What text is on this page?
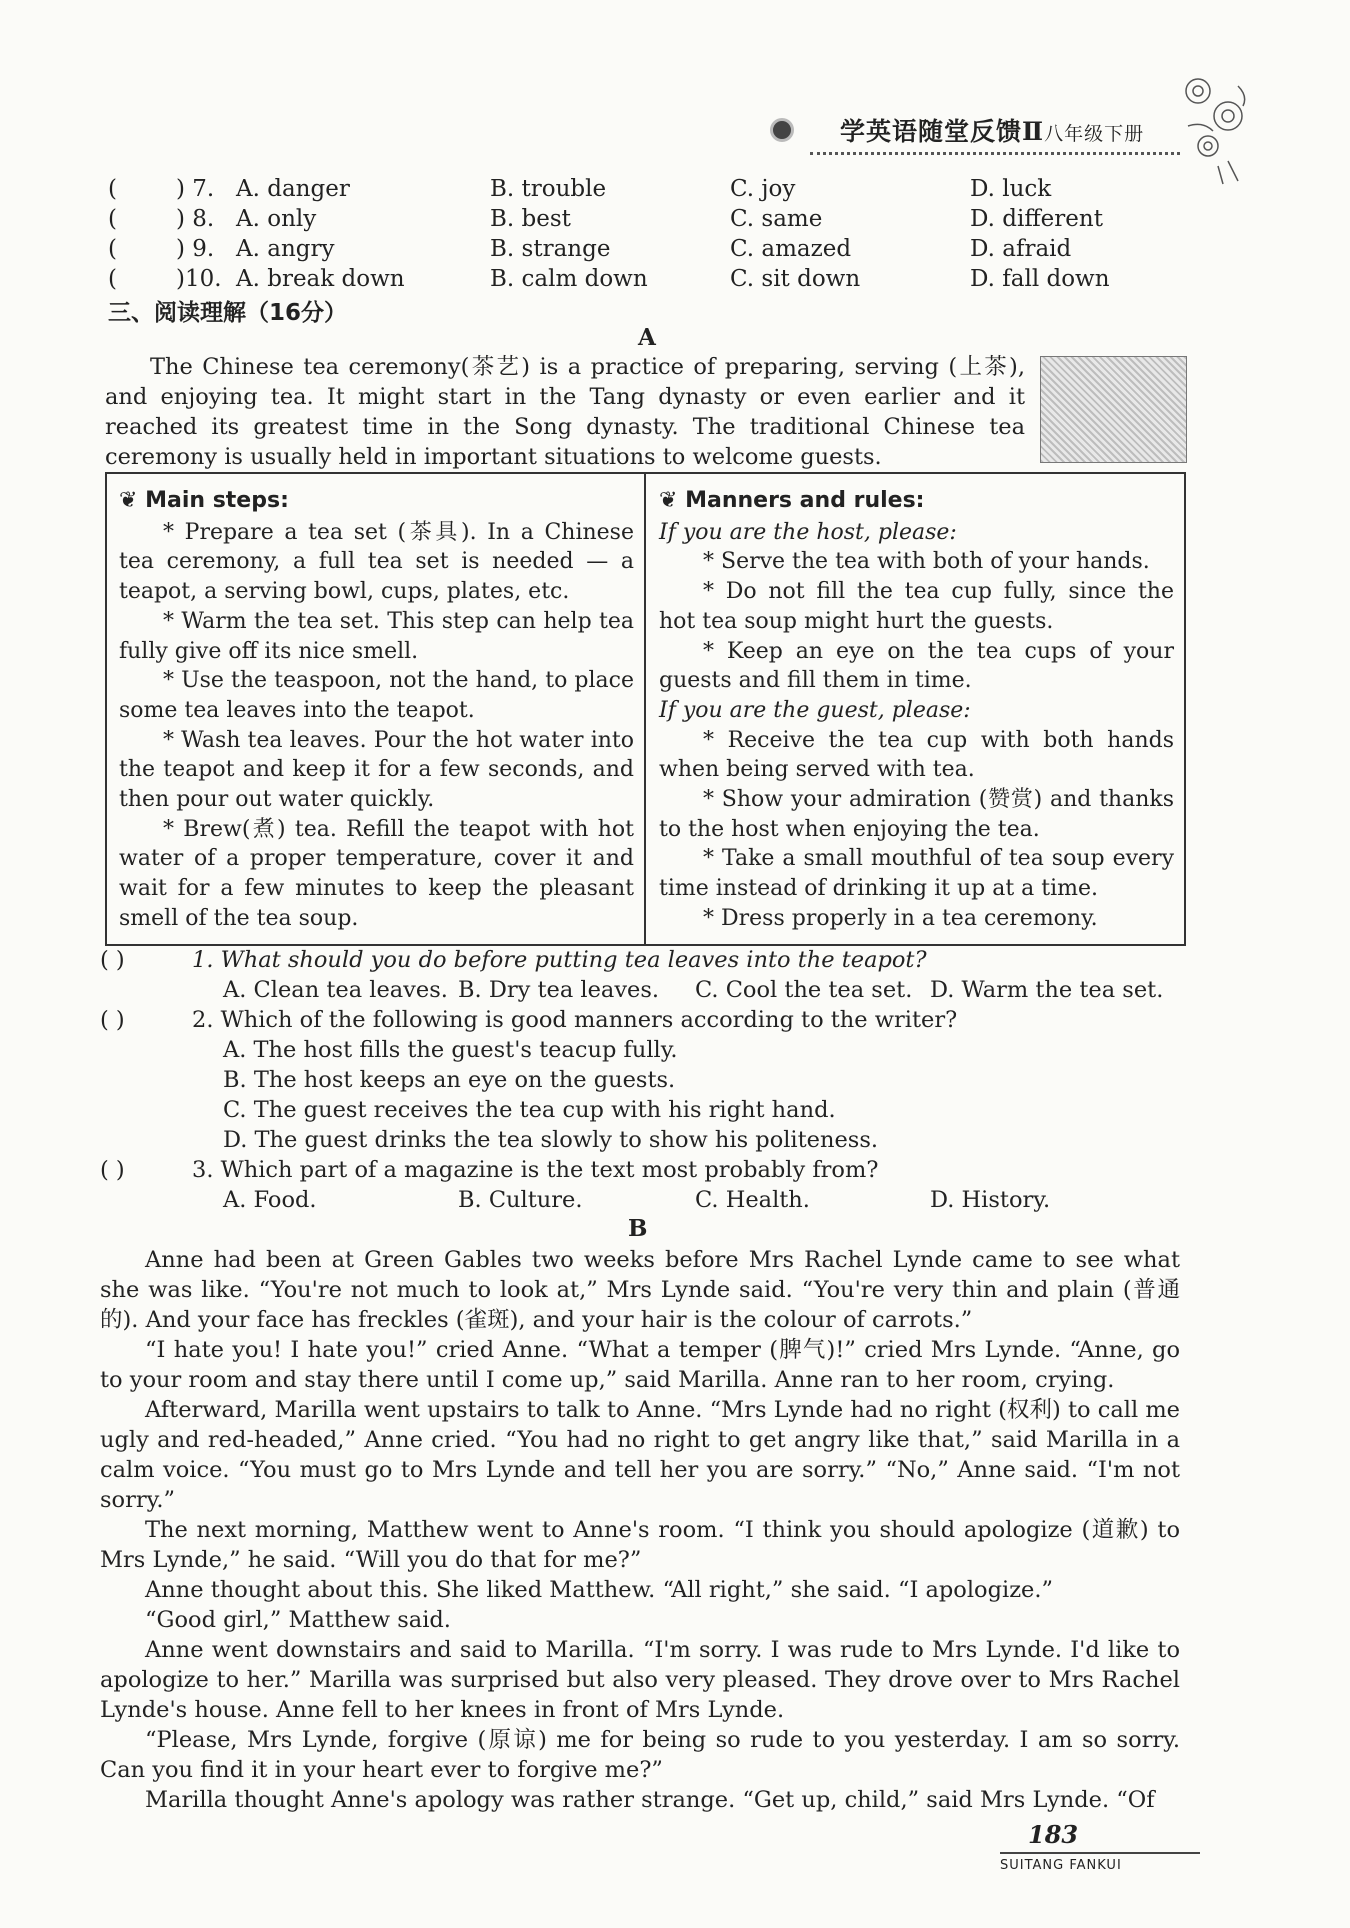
学英语随堂反馈Ⅱ八年级下册
(	) 7. A. danger	B. trouble	C. joy	D. luck
(	) 8. A. only	B. best	C. same	D. different
(	) 9. A. angry	B. strange	C. amazed	D. afraid
(	)10. A. break down	B. calm down	C. sit down	D. fall down
三、阅读理解（16分）
A

The Chinese tea ceremony(茶艺) is a practice of preparing, serving (上茶), and enjoying tea. It might start in the Tang dynasty or even earlier and it reached its greatest time in the Song dynasty. The traditional Chinese tea ceremony is usually held in important situations to welcome guests.

❦ Main steps:

* Prepare a tea set (茶具). In a Chinese tea ceremony, a full tea set is needed — a teapot, a serving bowl, cups, plates, etc.

* Warm the tea set. This step can help tea fully give off its nice smell.

* Use the teaspoon, not the hand, to place some tea leaves into the teapot.

* Wash tea leaves. Pour the hot water into the teapot and keep it for a few seconds, and then pour out water quickly.

* Brew(煮) tea. Refill the teapot with hot water of a proper temperature, cover it and wait for a few minutes to keep the pleasant smell of the tea soup.

❦ Manners and rules:

If you are the host, please:

* Serve the tea with both of your hands.

* Do not fill the tea cup fully, since the hot tea soup might hurt the guests.

* Keep an eye on the tea cups of your guests and fill them in time.

If you are the guest, please:

* Receive the tea cup with both hands when being served with tea.

* Show your admiration (赞赏) and thanks to the host when enjoying the tea.

* Take a small mouthful of tea soup every time instead of drinking it up at a time.

* Dress properly in a tea ceremony.

( )	1. What should you do before putting tea leaves into the teapot?
A. Clean tea leaves. B. Dry tea leaves. C. Cool the tea set. D. Warm the tea set.
( )	2. Which of the following is good manners according to the writer?
A. The host fills the guest's teacup fully.
B. The host keeps an eye on the guests.
C. The guest receives the tea cup with his right hand.
D. The guest drinks the tea slowly to show his politeness.
( )	3. Which part of a magazine is the text most probably from?
A. Food.	B. Culture.	C. Health.	D. History.
B

Anne had been at Green Gables two weeks before Mrs Rachel Lynde came to see what she was like. “You're not much to look at,” Mrs Lynde said. “You're very thin and plain (普通的). And your face has freckles (雀斑), and your hair is the colour of carrots.”

“I hate you! I hate you!” cried Anne. “What a temper (脾气)!” cried Mrs Lynde. “Anne, go to your room and stay there until I come up,” said Marilla. Anne ran to her room, crying.

Afterward, Marilla went upstairs to talk to Anne. “Mrs Lynde had no right (权利) to call me ugly and red-headed,” Anne cried. “You had no right to get angry like that,” said Marilla in a calm voice. “You must go to Mrs Lynde and tell her you are sorry.” “No,” Anne said. “I'm not sorry.”

The next morning, Matthew went to Anne's room. “I think you should apologize (道歉) to Mrs Lynde,” he said. “Will you do that for me?”

Anne thought about this. She liked Matthew. “All right,” she said. “I apologize.”

“Good girl,” Matthew said.

Anne went downstairs and said to Marilla. “I'm sorry. I was rude to Mrs Lynde. I'd like to apologize to her.” Marilla was surprised but also very pleased. They drove over to Mrs Rachel Lynde's house. Anne fell to her knees in front of Mrs Lynde.

“Please, Mrs Lynde, forgive (原谅) me for being so rude to you yesterday. I am so sorry. Can you find it in your heart ever to forgive me?”

Marilla thought Anne's apology was rather strange. “Get up, child,” said Mrs Lynde. “Of

183
SUITANG FANKUI
